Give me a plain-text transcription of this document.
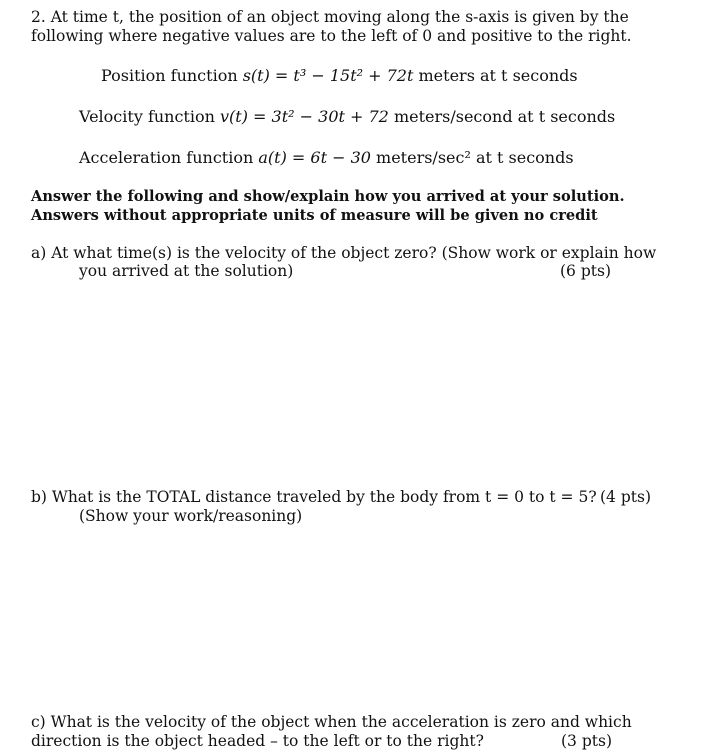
2. At time t, the position of an object moving along the s-axis is given by the
following where negative values are to the left of 0 and positive to the right.
Position function s(t) = t³ − 15t² + 72t meters at t seconds
Velocity function v(t) = 3t² − 30t + 72 meters/second at t seconds
Acceleration function a(t) = 6t − 30 meters/sec² at t seconds
Answer the following and show/explain how you arrived at your solution.
Answers without appropriate units of measure will be given no credit
a) At what time(s) is the velocity of the object zero? (Show work or explain how
you arrived at the solution)	(6 pts)
b) What is the TOTAL distance traveled by the body from t = 0 to t = 5? (4 pts)
(Show your work/reasoning)
c) What is the velocity of the object when the acceleration is zero and which
direction is the object headed – to the left or to the right?	(3 pts)
